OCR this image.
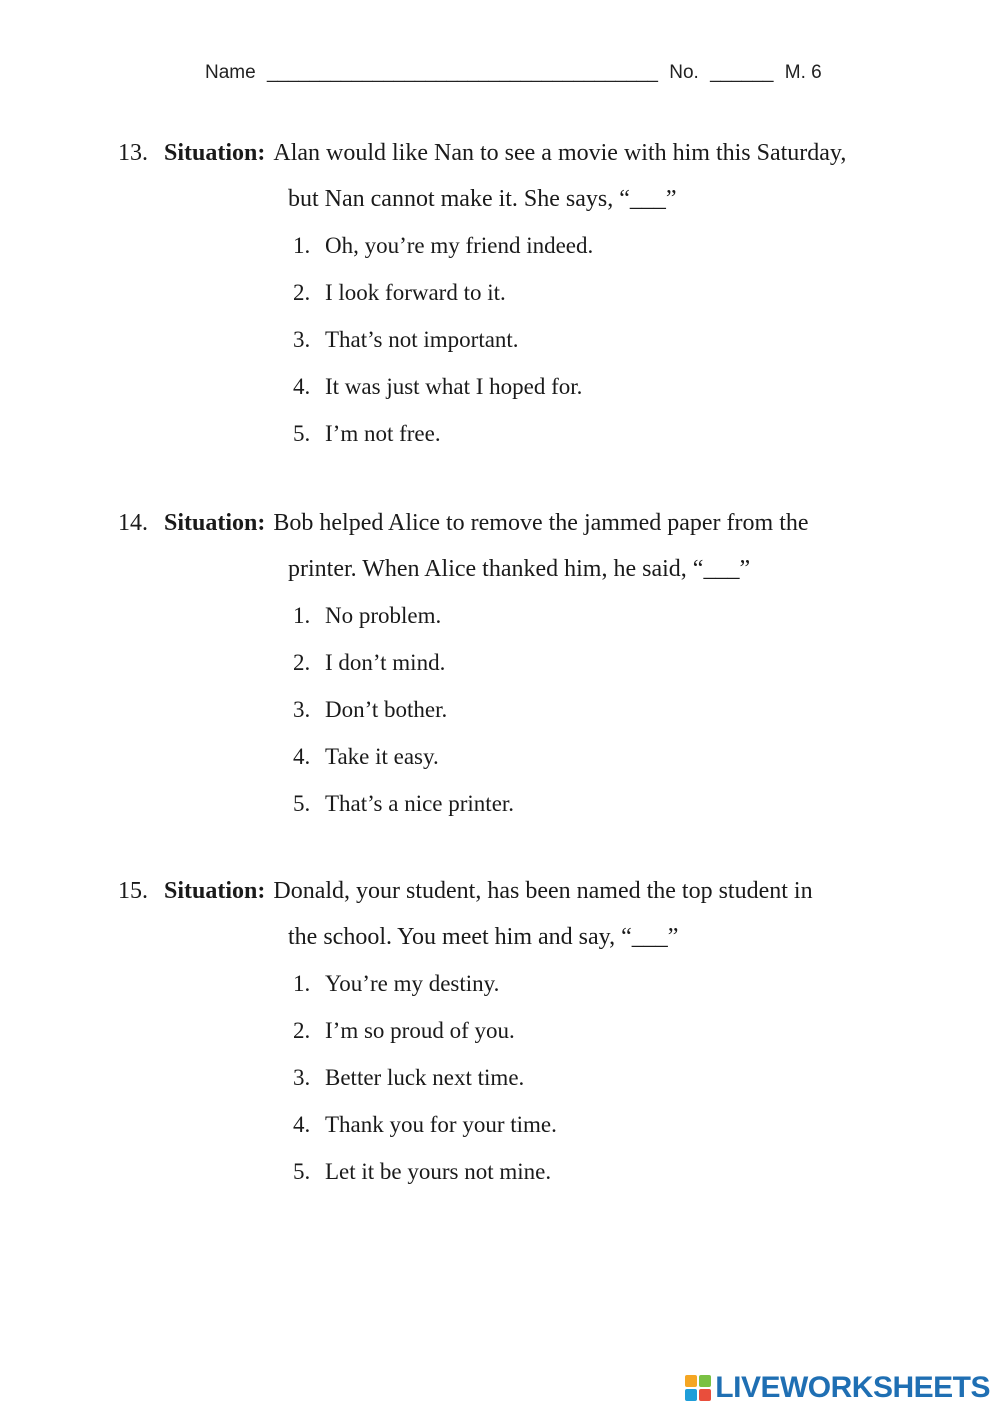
Name _____________________________________ No. ______ M. 6
13. Situation: Alan would like Nan to see a movie with him this Saturday,
but Nan cannot make it. She says, “___”
1. Oh, you’re my friend indeed.
2. I look forward to it.
3. That’s not important.
4. It was just what I hoped for.
5. I’m not free.
14. Situation: Bob helped Alice to remove the jammed paper from the
printer. When Alice thanked him, he said, “___”
1. No problem.
2. I don’t mind.
3. Don’t bother.
4. Take it easy.
5. That’s a nice printer.
15. Situation: Donald, your student, has been named the top student in
the school. You meet him and say, “___”
1. You’re my destiny.
2. I’m so proud of you.
3. Better luck next time.
4. Thank you for your time.
5. Let it be yours not mine.
LIVEWORKSHEETS
